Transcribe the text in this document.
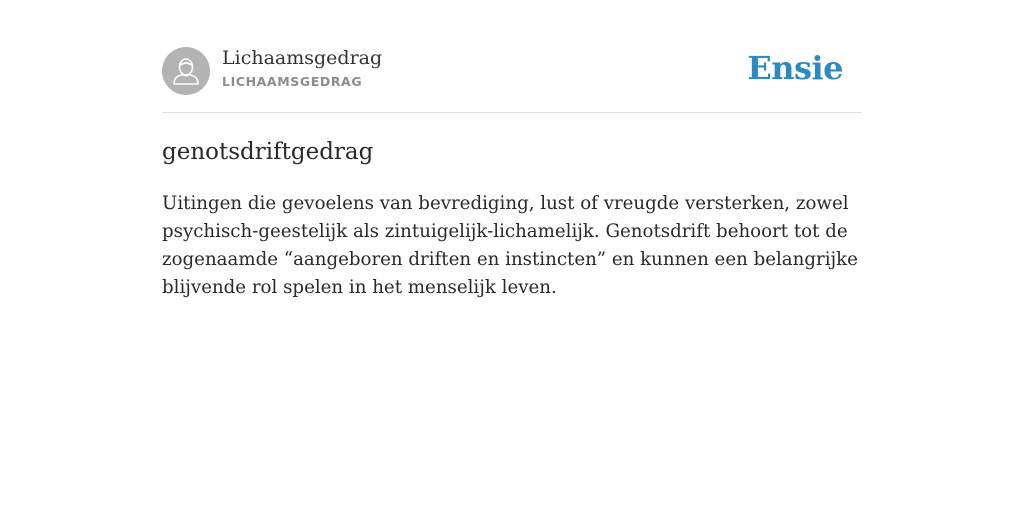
Lichaamsgedrag
LICHAAMSGEDRAG	Ensie
genotsdriftgedrag

Uitingen die gevoelens van bevrediging, lust of vreugde versterken, zowel psychisch-geestelijk als zintuigelijk-lichamelijk. Genotsdrift behoort tot de zogenaamde “aangeboren driften en instincten” en kunnen een belangrijke blijvende rol spelen in het menselijk leven.
